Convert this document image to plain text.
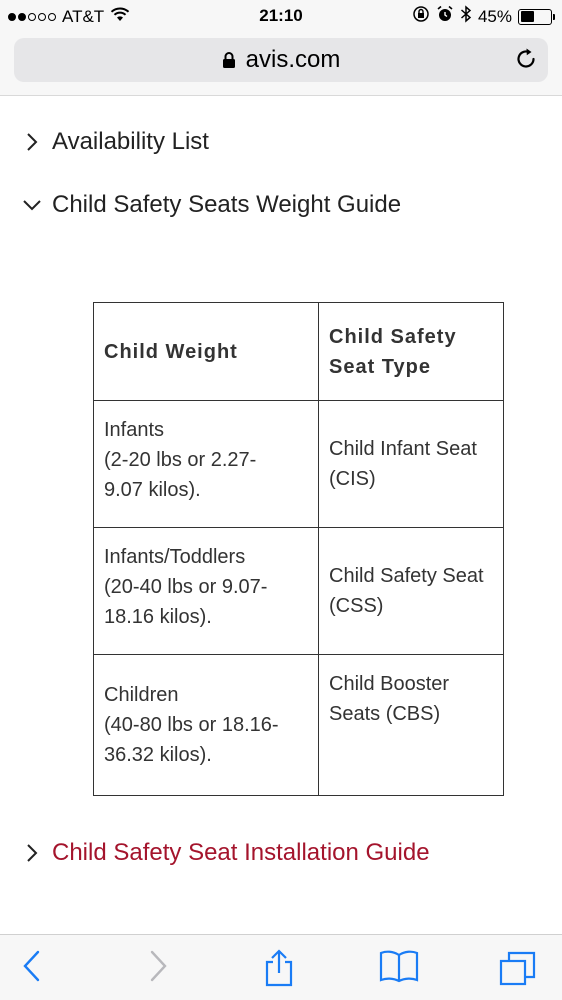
AT&T	21:10	45%
avis.com
Availability List
Child Safety Seats Weight Guide
Child Weight	Child Safety Seat Type

Infants
(2-20 lbs or 2.27-
9.07 kilos).	Child Infant Seat
(CIS)

Infants/Toddlers
(20-40 lbs or 9.07-
18.16 kilos).	Child Safety Seat
(CSS)

Children
(40-80 lbs or 18.16-
36.32 kilos).	Child Booster
Seats (CBS)
Child Safety Seat Installation Guide
